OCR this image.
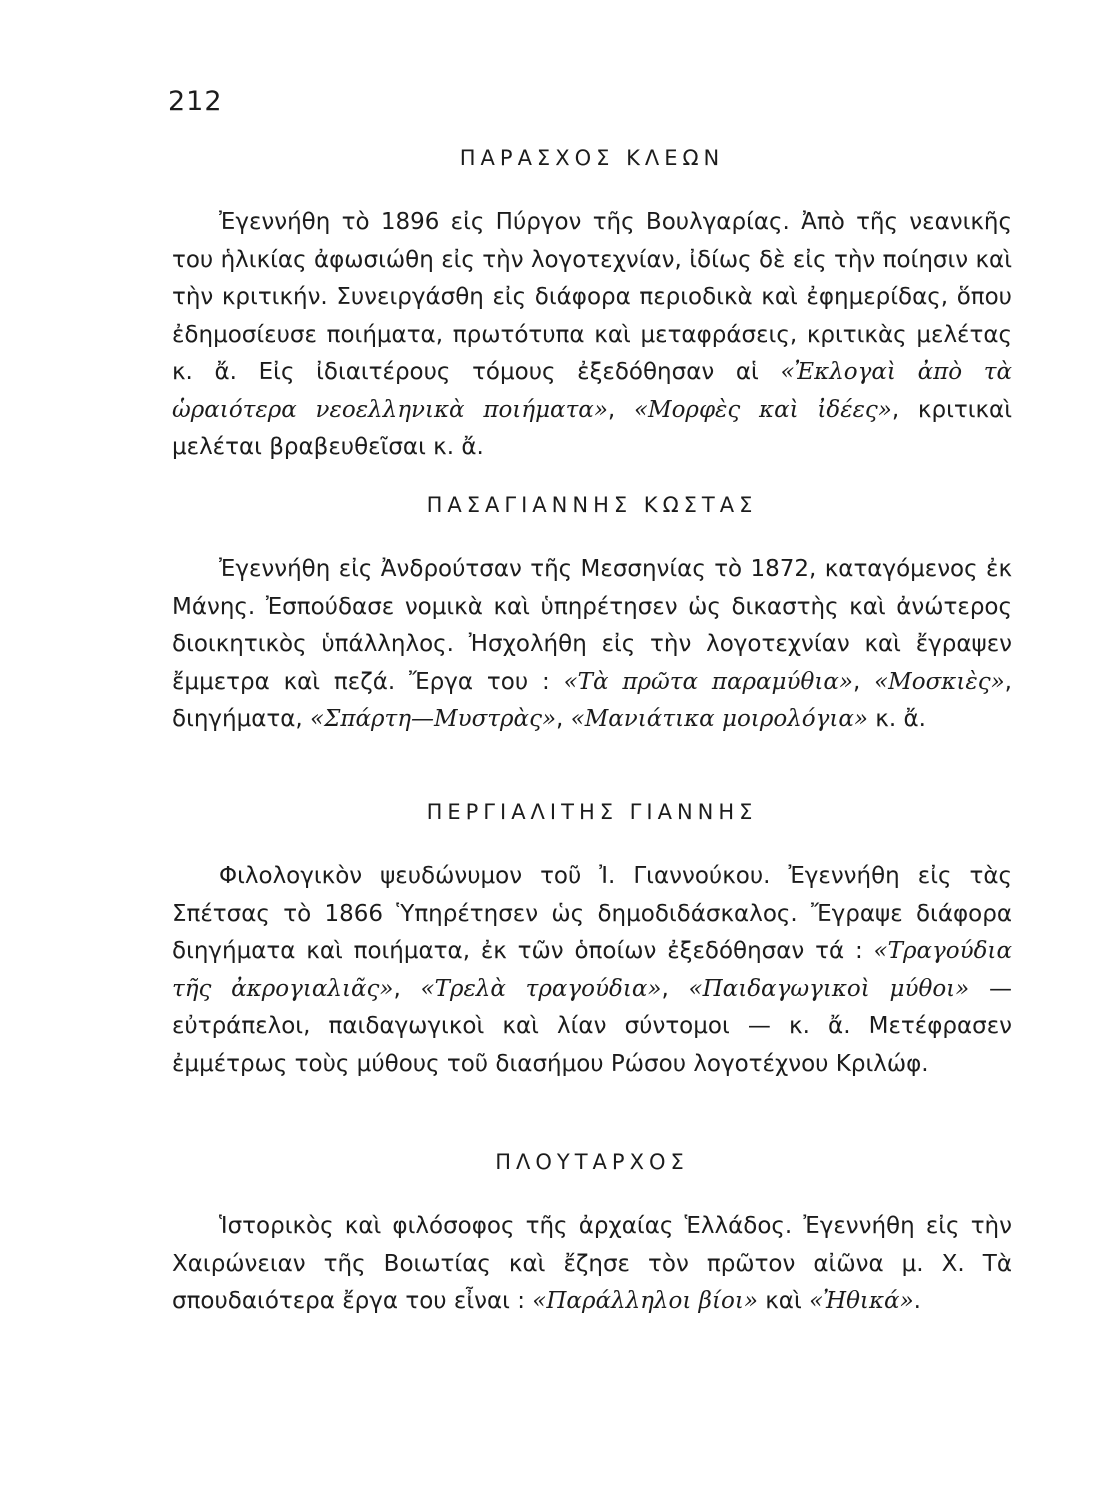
212
ΠΑΡΑΣΧΟΣ ΚΛΕΩΝ

Ἐγεννήθη τὸ 1896 εἰς Πύργον τῆς Βουλγαρίας. Ἀπὸ τῆς νεανικῆς του ἡλικίας ἀφωσιώθη εἰς τὴν λογοτεχνίαν, ἰδίως δὲ εἰς τὴν ποίησιν καὶ τὴν κριτικήν. Συνειργάσθη εἰς διάφορα περιοδικὰ καὶ ἐφημερίδας, ὅπου ἐδημοσίευσε ποιήματα, πρωτότυπα καὶ μεταφράσεις, κριτικὰς μελέτας κ. ἄ. Εἰς ἰδιαιτέρους τόμους ἐξεδόθησαν αἱ «Ἐκλογαὶ ἀπὸ τὰ ὡραιότερα νεοελληνικὰ ποιήματα», «Μορφὲς καὶ ἰδέες», κριτικαὶ μελέται βραβευθεῖσαι κ. ἄ.

ΠΑΣΑΓΙΑΝΝΗΣ ΚΩΣΤΑΣ

Ἐγεννήθη εἰς Ἀνδρούτσαν τῆς Μεσσηνίας τὸ 1872, καταγόμενος ἐκ Μάνης. Ἐσπούδασε νομικὰ καὶ ὑπηρέτησεν ὡς δικαστὴς καὶ ἀνώτερος διοικητικὸς ὑπάλληλος. Ἠσχολήθη εἰς τὴν λογοτεχνίαν καὶ ἔγραψεν ἔμμετρα καὶ πεζά. Ἔργα του : «Τὰ πρῶτα παραμύθια», «Μοσκιὲς», διηγήματα, «Σπάρτη—Μυστρὰς», «Μανιάτικα μοιρολόγια» κ. ἄ.

ΠΕΡΓΙΑΛΙΤΗΣ ΓΙΑΝΝΗΣ

Φιλολογικὸν ψευδώνυμον τοῦ Ἰ. Γιαννούκου. Ἐγεννήθη εἰς τὰς Σπέτσας τὸ 1866 Ὑπηρέτησεν ὡς δημοδιδάσκαλος. Ἔγραψε διάφορα διηγήματα καὶ ποιήματα, ἐκ τῶν ὁποίων ἐξεδόθησαν τά : «Τραγούδια τῆς ἀκρογιαλιᾶς», «Τρελὰ τραγούδια», «Παιδαγωγικοὶ μύθοι» — εὐτράπελοι, παιδαγωγικοὶ καὶ λίαν σύντομοι — κ. ἄ. Μετέφρασεν ἐμμέτρως τοὺς μύθους τοῦ διασήμου Ρώσου λογοτέχνου Κριλώφ.

ΠΛΟΥΤΑΡΧΟΣ

Ἱστορικὸς καὶ φιλόσοφος τῆς ἀρχαίας Ἑλλάδος. Ἐγεννήθη εἰς τὴν Χαιρώνειαν τῆς Βοιωτίας καὶ ἔζησε τὸν πρῶτον αἰῶνα μ. Χ. Τὰ σπουδαιότερα ἔργα του εἶναι : «Παράλληλοι βίοι» καὶ «Ἠθικά».
